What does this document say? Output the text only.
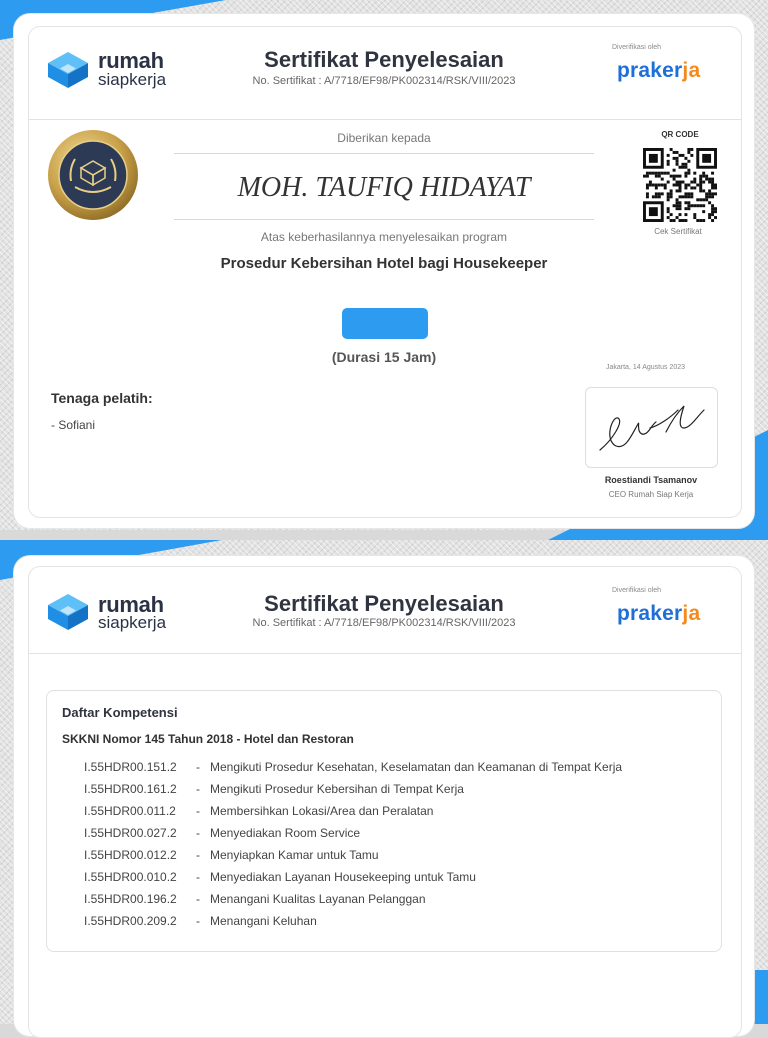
rumah
siapkerja
Sertifikat Penyelesaian
No. Sertifikat : A/7718/EF98/PK002314/RSK/VIII/2023
Diverifikasi oleh
prakerja
Diberikan kepada
MOH. TAUFIQ HIDAYAT
Atas keberhasilannya menyelesaikan program
Prosedur Kebersihan Hotel bagi Housekeeper
(Durasi 15 Jam)
QR CODE
Cek Sertifikat
Jakarta, 14 Agustus 2023
Tenaga pelatih:
- Sofiani
Roestiandi Tsamanov
CEO Rumah Siap Kerja
rumah
siapkerja
Sertifikat Penyelesaian
No. Sertifikat : A/7718/EF98/PK002314/RSK/VIII/2023
Diverifikasi oleh
prakerja
Daftar Kompetensi
SKKNI Nomor 145 Tahun 2018 - Hotel dan Restoran
I.55HDR00.151.2 - Mengikuti Prosedur Kesehatan, Keselamatan dan Keamanan di Tempat Kerja
I.55HDR00.161.2 - Mengikuti Prosedur Kebersihan di Tempat Kerja
I.55HDR00.011.2 - Membersihkan Lokasi/Area dan Peralatan
I.55HDR00.027.2 - Menyediakan Room Service
I.55HDR00.012.2 - Menyiapkan Kamar untuk Tamu
I.55HDR00.010.2 - Menyediakan Layanan Housekeeping untuk Tamu
I.55HDR00.196.2 - Menangani Kualitas Layanan Pelanggan
I.55HDR00.209.2 - Menangani Keluhan
